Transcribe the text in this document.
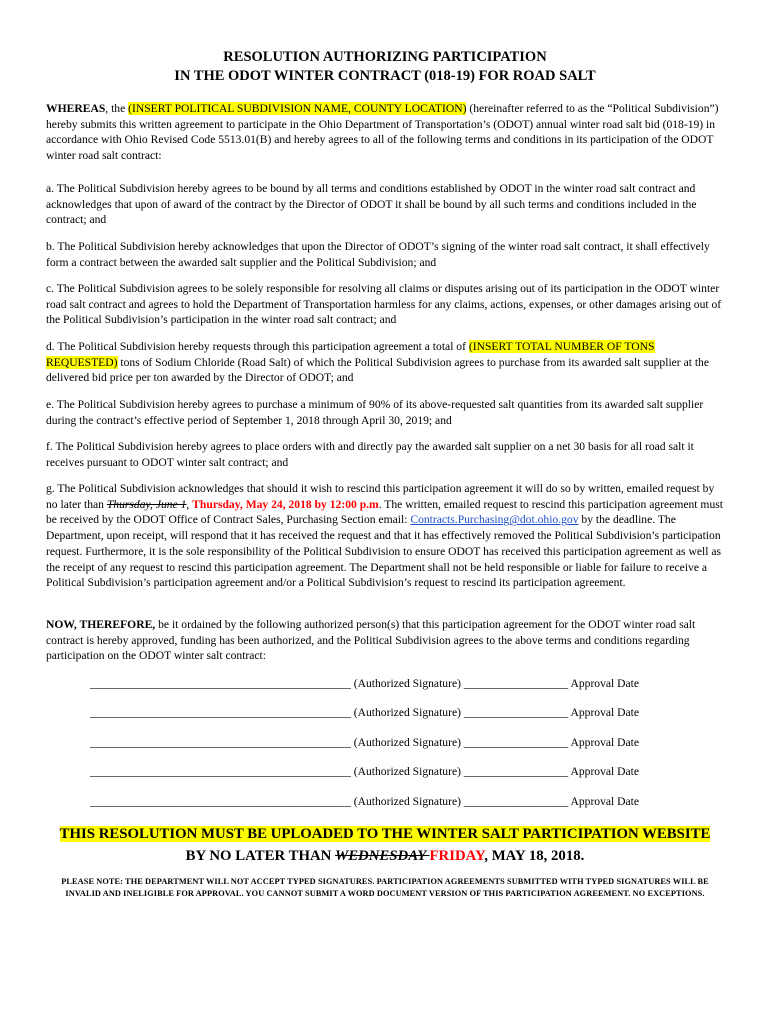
RESOLUTION AUTHORIZING PARTICIPATION
IN THE ODOT WINTER CONTRACT (018-19) FOR ROAD SALT
WHEREAS, the (INSERT POLITICAL SUBDIVISION NAME, COUNTY LOCATION) (hereinafter referred to as the “Political Subdivision”) hereby submits this written agreement to participate in the Ohio Department of Transportation’s (ODOT) annual winter road salt bid (018-19) in accordance with Ohio Revised Code 5513.01(B) and hereby agrees to all of the following terms and conditions in its participation of the ODOT winter road salt contract:
a. The Political Subdivision hereby agrees to be bound by all terms and conditions established by ODOT in the winter road salt contract and acknowledges that upon of award of the contract by the Director of ODOT it shall be bound by all such terms and conditions included in the contract; and
b. The Political Subdivision hereby acknowledges that upon the Director of ODOT’s signing of the winter road salt contract, it shall effectively form a contract between the awarded salt supplier and the Political Subdivision; and
c. The Political Subdivision agrees to be solely responsible for resolving all claims or disputes arising out of its participation in the ODOT winter road salt contract and agrees to hold the Department of Transportation harmless for any claims, actions, expenses, or other damages arising out of the Political Subdivision’s participation in the winter road salt contract; and
d. The Political Subdivision hereby requests through this participation agreement a total of (INSERT TOTAL NUMBER OF TONS REQUESTED) tons of Sodium Chloride (Road Salt) of which the Political Subdivision agrees to purchase from its awarded salt supplier at the delivered bid price per ton awarded by the Director of ODOT; and
e. The Political Subdivision hereby agrees to purchase a minimum of 90% of its above-requested salt quantities from its awarded salt supplier during the contract’s effective period of September 1, 2018 through April 30, 2019; and
f. The Political Subdivision hereby agrees to place orders with and directly pay the awarded salt supplier on a net 30 basis for all road salt it receives pursuant to ODOT winter salt contract; and
g. The Political Subdivision acknowledges that should it wish to rescind this participation agreement it will do so by written, emailed request by no later than Thursday, June 1, Thursday, May 24, 2018 by 12:00 p.m. The written, emailed request to rescind this participation agreement must be received by the ODOT Office of Contract Sales, Purchasing Section email: Contracts.Purchasing@dot.ohio.gov by the deadline. The Department, upon receipt, will respond that it has received the request and that it has effectively removed the Political Subdivision’s participation request. Furthermore, it is the sole responsibility of the Political Subdivision to ensure ODOT has received this participation agreement as well as the receipt of any request to rescind this participation agreement. The Department shall not be held responsible or liable for failure to receive a Political Subdivision’s participation agreement and/or a Political Subdivision’s request to rescind its participation agreement.
NOW, THEREFORE, be it ordained by the following authorized person(s) that this participation agreement for the ODOT winter road salt contract is hereby approved, funding has been authorized, and the Political Subdivision agrees to the above terms and conditions regarding participation on the ODOT winter salt contract:
_____________________________________________ (Authorized Signature) __________________ Approval Date
_____________________________________________ (Authorized Signature) __________________ Approval Date
_____________________________________________ (Authorized Signature) __________________ Approval Date
_____________________________________________ (Authorized Signature) __________________ Approval Date
_____________________________________________ (Authorized Signature) __________________ Approval Date
THIS RESOLUTION MUST BE UPLOADED TO THE WINTER SALT PARTICIPATION WEBSITE
BY NO LATER THAN WEDNESDAY FRIDAY, MAY 18, 2018.
PLEASE NOTE: THE DEPARTMENT WILL NOT ACCEPT TYPED SIGNATURES. PARTICIPATION AGREEMENTS SUBMITTED WITH TYPED SIGNATURES WILL BE INVALID AND INELIGIBLE FOR APPROVAL. YOU CANNOT SUBMIT A WORD DOCUMENT VERSION OF THIS PARTICIPATION AGREEMENT. NO EXCEPTIONS.
